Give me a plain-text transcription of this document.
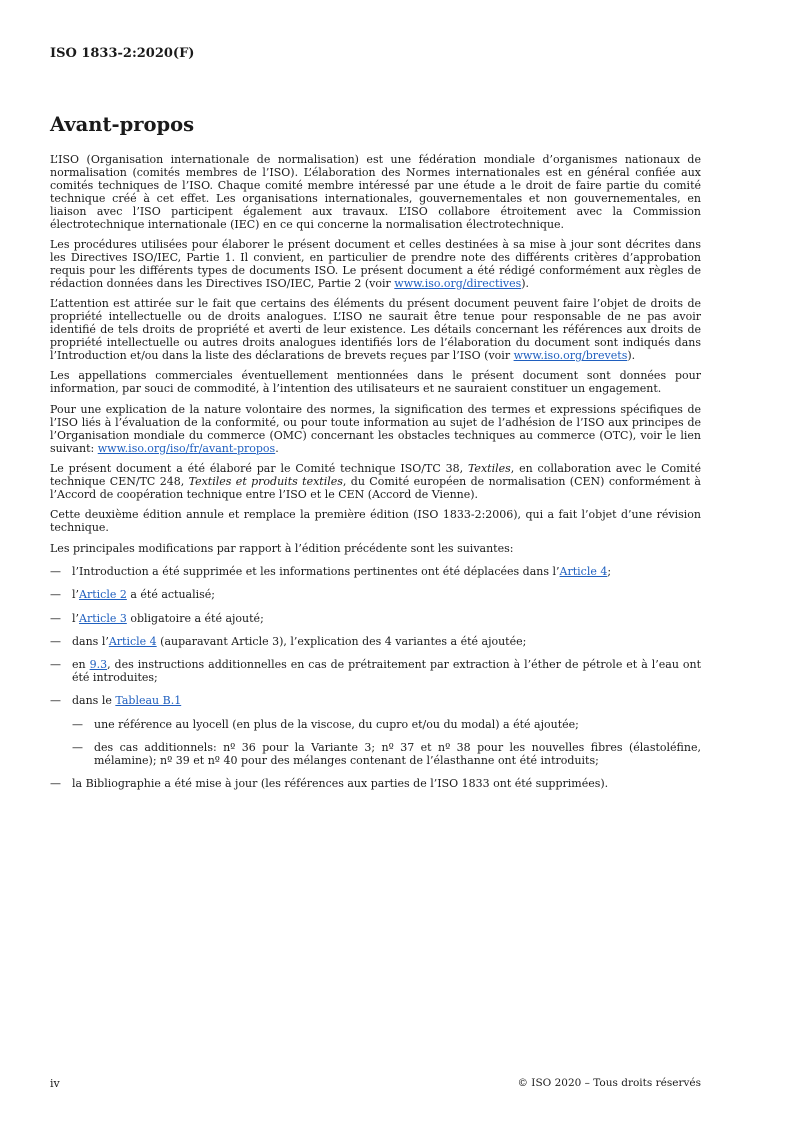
ISO 1833-2:2020(F)
Avant-propos

L’ISO (Organisation internationale de normalisation) est une fédération mondiale d’organismes nationaux de normalisation (comités membres de l’ISO). L’élaboration des Normes internationales est en général confiée aux comités techniques de l’ISO. Chaque comité membre intéressé par une étude a le droit de faire partie du comité technique créé à cet effet. Les organisations internationales, gouvernementales et non gouvernementales, en liaison avec l’ISO participent également aux travaux. L’ISO collabore étroitement avec la Commission électrotechnique internationale (IEC) en ce qui concerne la normalisation électrotechnique.

Les procédures utilisées pour élaborer le présent document et celles destinées à sa mise à jour sont décrites dans les Directives ISO/IEC, Partie 1. Il convient, en particulier de prendre note des différents critères d’approbation requis pour les différents types de documents ISO. Le présent document a été rédigé conformément aux règles de rédaction données dans les Directives ISO/IEC, Partie 2 (voir www.iso.org/directives).

L’attention est attirée sur le fait que certains des éléments du présent document peuvent faire l’objet de droits de propriété intellectuelle ou de droits analogues. L’ISO ne saurait être tenue pour responsable de ne pas avoir identifié de tels droits de propriété et averti de leur existence. Les détails concernant les références aux droits de propriété intellectuelle ou autres droits analogues identifiés lors de l’élaboration du document sont indiqués dans l’Introduction et/ou dans la liste des déclarations de brevets reçues par l’ISO (voir www.iso.org/brevets).

Les appellations commerciales éventuellement mentionnées dans le présent document sont données pour information, par souci de commodité, à l’intention des utilisateurs et ne sauraient constituer un engagement.

Pour une explication de la nature volontaire des normes, la signification des termes et expressions spécifiques de l’ISO liés à l’évaluation de la conformité, ou pour toute information au sujet de l’adhésion de l’ISO aux principes de l’Organisation mondiale du commerce (OMC) concernant les obstacles techniques au commerce (OTC), voir le lien suivant: www.iso.org/iso/fr/avant-propos.

Le présent document a été élaboré par le Comité technique ISO/TC 38, Textiles, en collaboration avec le Comité technique CEN/TC 248, Textiles et produits textiles, du Comité européen de normalisation (CEN) conformément à l’Accord de coopération technique entre l’ISO et le CEN (Accord de Vienne).

Cette deuxième édition annule et remplace la première édition (ISO 1833-2:2006), qui a fait l’objet d’une révision technique.

Les principales modifications par rapport à l’édition précédente sont les suivantes:

— l’Introduction a été supprimée et les informations pertinentes ont été déplacées dans l’Article 4;
— l’Article 2 a été actualisé;
— l’Article 3 obligatoire a été ajouté;
— dans l’Article 4 (auparavant Article 3), l’explication des 4 variantes a été ajoutée;
— en 9.3, des instructions additionnelles en cas de prétraitement par extraction à l’éther de pétrole et à l’eau ont été introduites;
— dans le Tableau B.1
— une référence au lyocell (en plus de la viscose, du cupro et/ou du modal) a été ajoutée;
— des cas additionnels: nº 36 pour la Variante 3; nº 37 et nº 38 pour les nouvelles fibres (élastoléfine, mélamine); nº 39 et nº 40 pour des mélanges contenant de l’élasthanne ont été introduits;
— la Bibliographie a été mise à jour (les références aux parties de l’ISO 1833 ont été supprimées).
iv	© ISO 2020 – Tous droits réservés
